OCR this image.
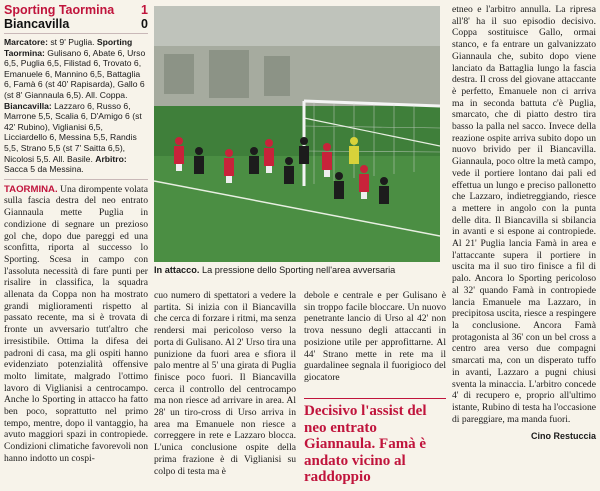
Sporting Taormina 1
Biancavilla	0
Marcatore: st 9' Puglia. Sporting Taormina: Gulisano 6, Abate 6, Urso 6,5, Puglia 6,5, Filistad 6, Trovato 6, Emanuele 6, Mannino 6,5, Battaglia 6, Famà 6 (st 40' Rapisarda), Gallo 6 (st 8' Giannaula 6,5). All. Coppa. Biancavilla: Lazzaro 6, Russo 6, Marrone 5,5, Scalia 6, D'Amigo 6 (st 42' Rubino), Viglianisi 6,5, Licciardello 6, Messina 5,5, Randis 5,5, Strano 5,5 (st 7' Saitta 6,5), Nicolosi 5,5. All. Basile. Arbitro: Sacca 5 da Messina.

TAORMINA. Una dirompente volata sulla fascia destra del neo entrato Giannaula mette Puglia in condizione di segnare un prezioso gol che, dopo due pareggi ed una sconfitta, riporta al successo lo Sporting. Scesa in campo con l'assoluta necessità di fare punti per risalire in classifica, la squadra allenata da Coppa non ha mostrato grandi miglioramenti rispetto al passato recente, ma si è trovata di fronte un avversario tutt'altro che irresistibile. Ottima la difesa dei padroni di casa, ma gli ospiti hanno evidenziato potenzialità offensive molto limitate, malgrado l'ottimo lavoro di Viglianisi a centrocampo. Anche lo Sporting in attacco ha fatto ben poco, soprattutto nel primo tempo, mentre, dopo il vantaggio, ha avuto maggiori spazi in contropiede. Condizioni climatiche favorevoli non hanno indotto un cospi-

In attacco. La pressione dello Sporting nell'area avversaria

cuo numero di spettatori a vedere la partita. Si inizia con il Biancavilla che cerca di forzare i ritmi, ma senza rendersi mai pericoloso verso la porta di Gulisano. Al 2' Urso tira una punizione da fuori area e sfiora il palo mentre al 5' una girata di Puglia finisce poco fuori. Il Biancavilla cerca il controllo del centrocampo ma non riesce ad arrivare in area. Al 28' un tiro-cross di Urso arriva in area ma Emanuele non riesce a correggere in rete e Lazzaro blocca. L'unica conclusione ospite della prima frazione è di Viglianisi su colpo di testa ma è

debole e centrale e per Gulisano è sin troppo facile bloccare. Un nuovo penetrante lancio di Urso al 42' non trova nessuno degli attaccanti in posizione utile per approfittarne. Al 44' Strano mette in rete ma il guardalinee segnala il fuorigioco del giocatore

Decisivo l'assist del neo entrato Giannaula. Famà è andato vicino al raddoppio

etneo e l'arbitro annulla. La ripresa all'8' ha il suo episodio decisivo. Coppa sostituisce Gallo, ormai stanco, e fa entrare un galvanizzato Giannaula che, subito dopo viene lanciato da Battaglia lungo la fascia destra. Il cross del giovane attaccante è perfetto, Emanuele non ci arriva ma in seconda battuta c'è Puglia, smarcato, che di piatto destro tira basso la palla nel sacco. Invece della reazione ospite arriva subito dopo un nuovo brivido per il Biancavilla. Giannaula, poco oltre la metà campo, vede il portiere lontano dai pali ed effettua un lungo e preciso pallonetto che Lazzaro, indietreggiando, riesce a mettere in angolo con la punta delle dita. Il Biancavilla si sbilancia in avanti e si espone ai contropiede. Al 21' Puglia lancia Famà in area e l'attaccante supera il portiere in uscita ma il suo tiro finisce a fil di palo. Ancora lo Sporting pericoloso al 32' quando Famà in contropiede lancia Emanuele ma Lazzaro, in precipitosa uscita, riesce a respingere la conclusione. Ancora Famà protagonista al 36' con un bel cross a centro area verso due compagni smarcati ma, con un disperato tuffo in avanti, Lazzaro a pugni chiusi sventa la minaccia. L'arbitro concede 4' di recupero e, proprio all'ultimo istante, Rubino di testa ha l'occasione di pareggiare, ma manda fuori.

Cino Restuccia
